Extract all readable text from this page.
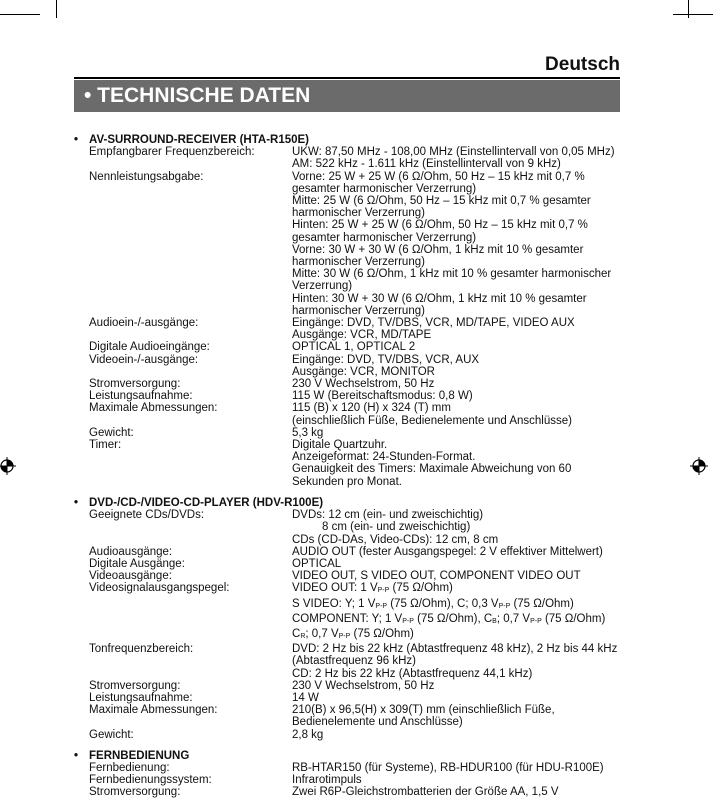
Deutsch
• TECHNISCHE DATEN
• AV-SURROUND-RECEIVER (HTA-R150E)
Empfangbarer Frequenzbereich:	UKW: 87,50 MHz - 108,00 MHz (Einstellintervall von 0,05 MHz)
AM: 522 kHz - 1.611 kHz (Einstellintervall von 9 kHz)
Nennleistungsabgabe:	Vorne: 25 W + 25 W (6 Ω/Ohm, 50 Hz – 15 kHz mit 0,7 %
gesamter harmonischer Verzerrung)
Mitte: 25 W (6 Ω/Ohm, 50 Hz – 15 kHz mit 0,7 % gesamter
harmonischer Verzerrung)
Hinten: 25 W + 25 W (6 Ω/Ohm, 50 Hz – 15 kHz mit 0,7 %
gesamter harmonischer Verzerrung)
Vorne: 30 W + 30 W (6 Ω/Ohm, 1 kHz mit 10 % gesamter
harmonischer Verzerrung)
Mitte: 30 W (6 Ω/Ohm, 1 kHz mit 10 % gesamter harmonischer
Verzerrung)
Hinten: 30 W + 30 W (6 Ω/Ohm, 1 kHz mit 10 % gesamter
harmonischer Verzerrung)
Audioein-/-ausgänge:	Eingänge: DVD, TV/DBS, VCR, MD/TAPE, VIDEO AUX
Ausgänge: VCR, MD/TAPE
Digitale Audioeingänge:	OPTICAL 1, OPTICAL 2
Videoein-/-ausgänge:	Eingänge: DVD, TV/DBS, VCR, AUX
Ausgänge: VCR, MONITOR
Stromversorgung:	230 V Wechselstrom, 50 Hz
Leistungsaufnahme:	115 W (Bereitschaftsmodus: 0,8 W)
Maximale Abmessungen:	115 (B) x 120 (H) x 324 (T) mm
(einschließlich Füße, Bedienelemente und Anschlüsse)
Gewicht:	5,3 kg
Timer:	Digitale Quartzuhr.
Anzeigeformat: 24-Stunden-Format.
Genauigkeit des Timers: Maximale Abweichung von 60
Sekunden pro Monat.
• DVD-/CD-/VIDEO-CD-PLAYER (HDV-R100E)
Geeignete CDs/DVDs:	DVDs: 12 cm (ein- und zweischichtig)
8 cm (ein- und zweischichtig)
CDs (CD-DAs, Video-CDs): 12 cm, 8 cm
Audioausgänge:	AUDIO OUT (fester Ausgangspegel: 2 V effektiver Mittelwert)
Digitale Ausgänge:	OPTICAL
Videoausgänge:	VIDEO OUT, S VIDEO OUT, COMPONENT VIDEO OUT
Videosignalausgangspegel:	VIDEO OUT: 1 $V_{P-P}$ (75 Ω/Ohm)
S VIDEO: Y; 1 $V_{P-P}$ (75 Ω/Ohm), C; 0,3 $V_{P-P}$ (75 Ω/Ohm)
COMPONENT: Y; 1 $V_{P-P}$ (75 Ω/Ohm), $C_B$; 0,7 $V_{P-P}$ (75 Ω/Ohm)
$C_R$; 0,7 $V_{P-P}$ (75 Ω/Ohm)
Tonfrequenzbereich:	DVD: 2 Hz bis 22 kHz (Abtastfrequenz 48 kHz), 2 Hz bis 44 kHz
(Abtastfrequenz 96 kHz)
CD: 2 Hz bis 22 kHz (Abtastfrequenz 44,1 kHz)
Stromversorgung:	230 V Wechselstrom, 50 Hz
Leistungsaufnahme:	14 W
Maximale Abmessungen:	210(B) x 96,5(H) x 309(T) mm (einschließlich Füße,
Bedienelemente und Anschlüsse)
Gewicht:	2,8 kg
• FERNBEDIENUNG
Fernbedienung:	RB-HTAR150 (für Systeme), RB-HDUR100 (für HDU-R100E)
Fernbedienungssystem:	Infrarotimpuls
Stromversorgung:	Zwei R6P-Gleichstrombatterien der Größe AA, 1,5 V
